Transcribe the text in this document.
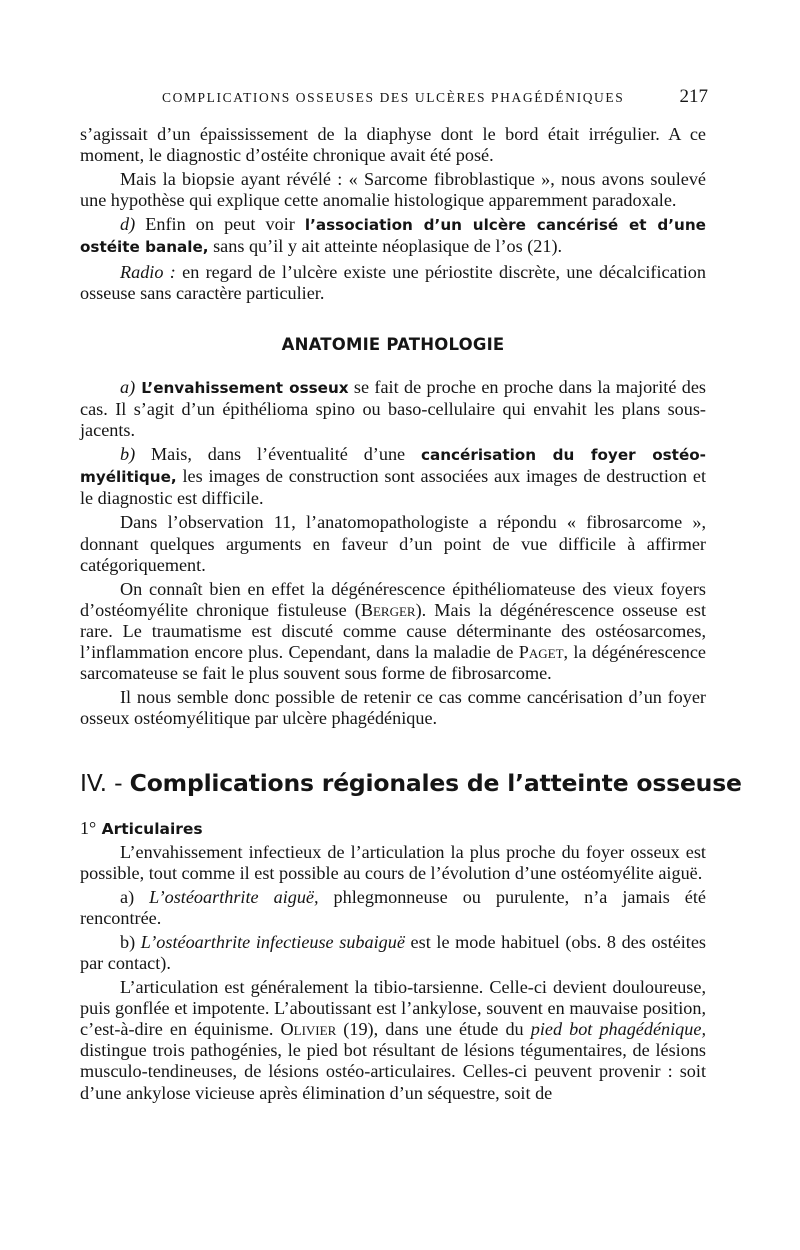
COMPLICATIONS OSSEUSES DES ULCÈRES PHAGÉDÉNIQUES	217

s’agissait d’un épaississement de la diaphyse dont le bord était irrégulier. A ce moment, le diagnostic d’ostéite chronique avait été posé.

Mais la biopsie ayant révélé : « Sarcome fibroblastique », nous avons soulevé une hypothèse qui explique cette anomalie histologique apparemment paradoxale.

d) Enfin on peut voir l’association d’un ulcère cancérisé et d’une ostéite banale, sans qu’il y ait atteinte néoplasique de l’os (21).

Radio : en regard de l’ulcère existe une périostite discrète, une décalcification osseuse sans caractère particulier.

ANATOMIE PATHOLOGIE

a) L’envahissement osseux se fait de proche en proche dans la majorité des cas. Il s’agit d’un épithélioma spino ou baso-cellulaire qui envahit les plans sous-jacents.

b) Mais, dans l’éventualité d’une cancérisation du foyer ostéo-myélitique, les images de construction sont associées aux images de destruction et le diagnostic est difficile.

Dans l’observation 11, l’anatomopathologiste a répondu « fibrosarcome », donnant quelques arguments en faveur d’un point de vue difficile à affirmer catégoriquement.

On connaît bien en effet la dégénérescence épithéliomateuse des vieux foyers d’ostéomyélite chronique fistuleuse (Berger). Mais la dégénérescence osseuse est rare. Le traumatisme est discuté comme cause déterminante des ostéosarcomes, l’inflammation encore plus. Cependant, dans la maladie de Paget, la dégénérescence sarcomateuse se fait le plus souvent sous forme de fibrosarcome.

Il nous semble donc possible de retenir ce cas comme cancérisation d’un foyer osseux ostéomyélitique par ulcère phagédénique.

IV. - Complications régionales de l’atteinte osseuse
1° Articulaires

L’envahissement infectieux de l’articulation la plus proche du foyer osseux est possible, tout comme il est possible au cours de l’évolution d’une ostéomyélite aiguë.

a) L’ostéoarthrite aiguë, phlegmonneuse ou purulente, n’a jamais été rencontrée.

b) L’ostéoarthrite infectieuse subaiguë est le mode habituel (obs. 8 des ostéites par contact).

L’articulation est généralement la tibio-tarsienne. Celle-ci devient douloureuse, puis gonflée et impotente. L’aboutissant est l’ankylose, souvent en mauvaise position, c’est-à-dire en équinisme. Olivier (19), dans une étude du pied bot phagédénique, distingue trois pathogénies, le pied bot résultant de lésions tégumentaires, de lésions musculo-tendineuses, de lésions ostéo-articulaires. Celles-ci peuvent provenir : soit d’une ankylose vicieuse après élimination d’un séquestre, soit de
